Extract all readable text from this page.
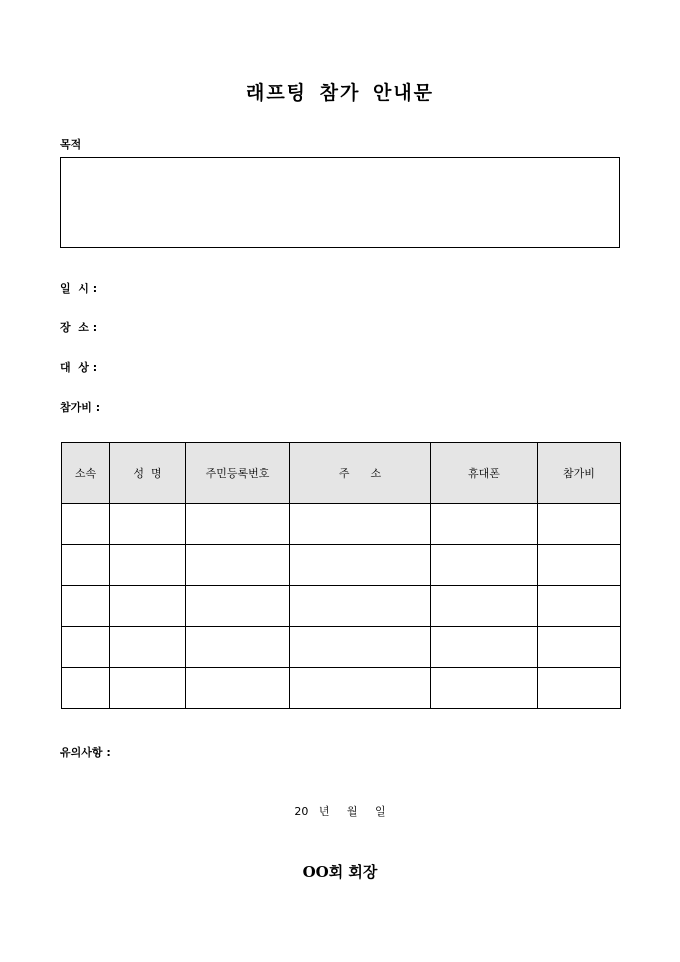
래프팅 참가 안내문
목적
일  시 :
장  소 :
대  상 :
참가비 :
소속	성  명	주민등록번호	주      소	휴대폰	참가비

유의사항 :
20   년     월     일
OO회 회장
